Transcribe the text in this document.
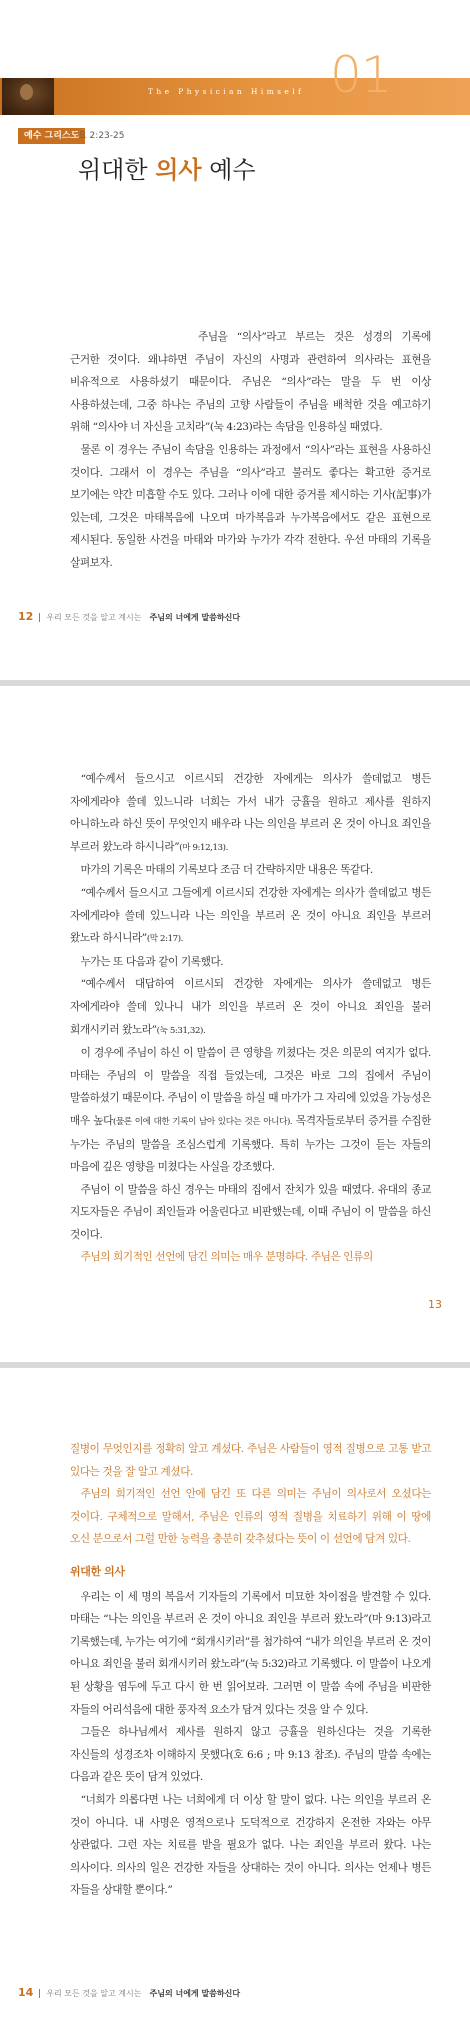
The Physician Himself 01
예수 그리스도
요 2:23-25
위대한 의사 예수

주님을 “의사”라고 부르는 것은 성경의 기록에 근거한 것이다. 왜냐하면 주님이 자신의 사명과 관련하여 의사라는 표현을 비유적으로 사용하셨기 때문이다. 주님은 “의사”라는 말을 두 번 이상 사용하셨는데, 그중 하나는 주님의 고향 사람들이 주님을 배척한 것을 예고하기 위해 “의사야 너 자신을 고치라”(눅 4:23)라는 속담을 인용하실 때였다.

물론 이 경우는 주님이 속담을 인용하는 과정에서 “의사”라는 표현을 사용하신 것이다. 그래서 이 경우는 주님을 “의사”라고 불러도 좋다는 확고한 증거로 보기에는 약간 미흡할 수도 있다. 그러나 이에 대한 증거를 제시하는 기사(記事)가 있는데, 그것은 마태복음에 나오며 마가복음과 누가복음에서도 같은 표현으로 제시된다. 동일한 사건을 마태와 마가와 누가가 각각 전한다. 우선 마태의 기록을 살펴보자.

12 우리 모든 것을 알고 계시는 주님의 너에게 말씀하신다

“예수께서 들으시고 이르시되 건강한 자에게는 의사가 쓸데없고 병든 자에게라야 쓸데 있느니라 너희는 가서 내가 긍휼을 원하고 제사를 원하지 아니하노라 하신 뜻이 무엇인지 배우라 나는 의인을 부르러 온 것이 아니요 죄인을 부르러 왔노라 하시니라”(마 9:12,13).

마가의 기록은 마태의 기록보다 조금 더 간략하지만 내용은 똑같다.

“예수께서 들으시고 그들에게 이르시되 건강한 자에게는 의사가 쓸데없고 병든 자에게라야 쓸데 있느니라 나는 의인을 부르러 온 것이 아니요 죄인을 부르러 왔노라 하시니라”(막 2:17).

누가는 또 다음과 같이 기록했다.

“예수께서 대답하여 이르시되 건강한 자에게는 의사가 쓸데없고 병든 자에게라야 쓸데 있나니 내가 의인을 부르러 온 것이 아니요 죄인을 불러 회개시키러 왔노라”(눅 5:31,32).

이 경우에 주님이 하신 이 말씀이 큰 영향을 끼쳤다는 것은 의문의 여지가 없다. 마태는 주님의 이 말씀을 직접 들었는데, 그것은 바로 그의 집에서 주님이 말씀하셨기 때문이다. 주님이 이 말씀을 하실 때 마가가 그 자리에 있었을 가능성은 매우 높다(물론 이에 대한 기록이 남아 있다는 것은 아니다). 목격자들로부터 증거를 수집한 누가는 주님의 말씀을 조심스럽게 기록했다. 특히 누가는 그것이 듣는 자들의 마음에 깊은 영향을 미쳤다는 사실을 강조했다.

주님이 이 말씀을 하신 경우는 마태의 집에서 잔치가 있을 때였다. 유대의 종교 지도자들은 주님이 죄인들과 어울린다고 비판했는데, 이때 주님이 이 말씀을 하신 것이다.

주님의 희기적인 선언에 담긴 의미는 매우 분명하다. 주님은 인류의

13

질병이 무엇인지를 정확히 알고 계셨다. 주님은 사람들이 영적 질병으로 고통 받고 있다는 것을 잘 알고 계셨다.

주님의 희기적인 선언 안에 담긴 또 다른 의미는 주님이 의사로서 오셨다는 것이다. 구체적으로 말해서, 주님은 인류의 영적 질병을 치료하기 위해 이 땅에 오신 분으로서 그럴 만한 능력을 충분히 갖추셨다는 뜻이 이 선언에 담겨 있다.

위대한 의사

우리는 이 세 명의 복음서 기자들의 기록에서 미묘한 차이점을 발견할 수 있다. 마태는 “나는 의인을 부르러 온 것이 아니요 죄인을 부르러 왔노라”(마 9:13)라고 기록했는데, 누가는 여기에 “회개시키러”를 첨가하여 “내가 의인을 부르러 온 것이 아니요 죄인을 불러 회개시키러 왔노라”(눅 5:32)라고 기록했다. 이 말씀이 나오게 된 상황을 염두에 두고 다시 한 번 읽어보라. 그러면 이 말씀 속에 주님을 비판한 자들의 어리석음에 대한 풍자적 요소가 담겨 있다는 것을 알 수 있다.

그들은 하나님께서 제사를 원하지 않고 긍휼을 원하신다는 것을 기록한 자신들의 성경조차 이해하지 못했다(호 6:6 ; 마 9:13 참조). 주님의 말씀 속에는 다음과 같은 뜻이 담겨 있었다.

“너희가 의롭다면 나는 너희에게 더 이상 할 말이 없다. 나는 의인을 부르러 온 것이 아니다. 내 사명은 영적으로나 도덕적으로 건강하지 온전한 자와는 아무 상관없다. 그런 자는 치료를 받을 필요가 없다. 나는 죄인을 부르러 왔다. 나는 의사이다. 의사의 일은 건강한 자들을 상대하는 것이 아니다. 의사는 언제나 병든 자들을 상대할 뿐이다.”

14 우리 모든 것을 알고 계시는 주님의 너에게 말씀하신다
